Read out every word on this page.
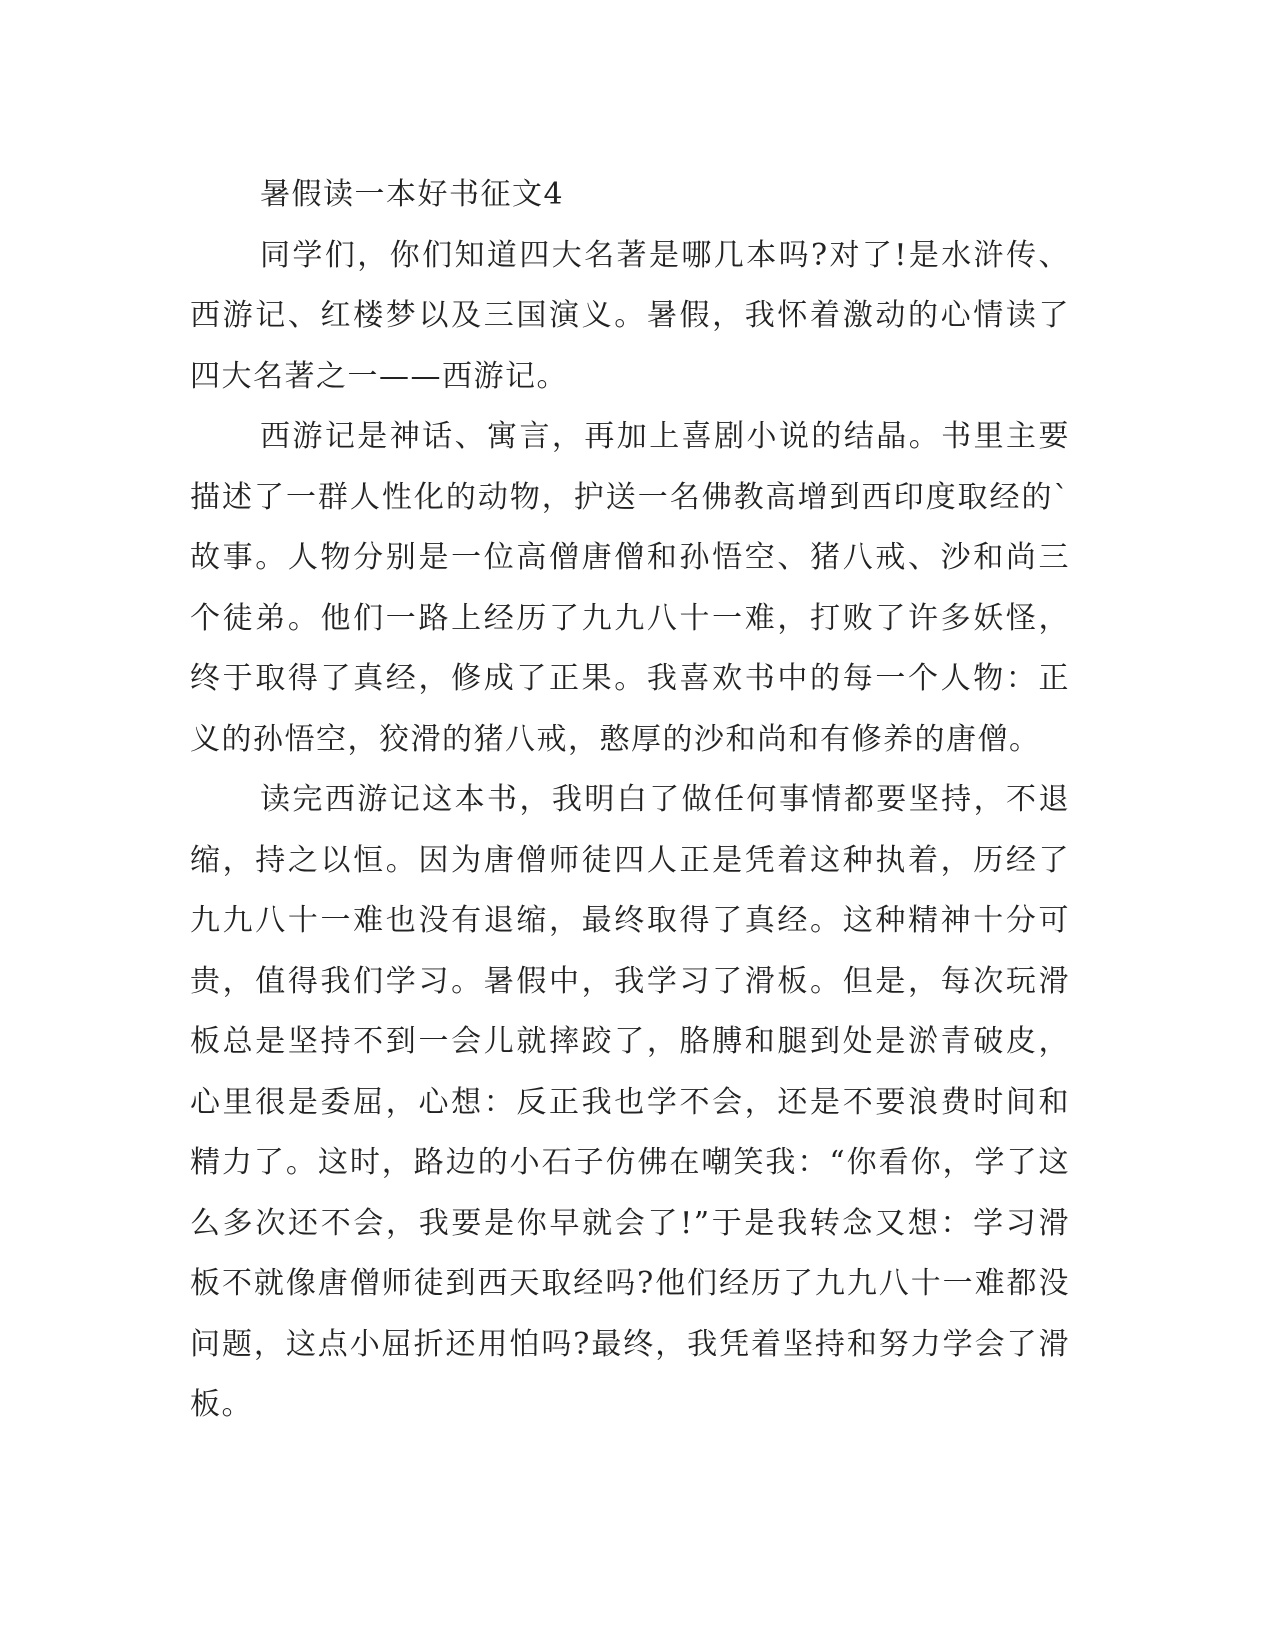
暑假读一本好书征文4

同学们，你们知道四大名著是哪几本吗?对了!是水浒传、西游记、红楼梦以及三国演义。暑假，我怀着激动的心情读了四大名著之一——西游记。

西游记是神话、寓言，再加上喜剧小说的结晶。书里主要描述了一群人性化的动物，护送一名佛教高增到西印度取经的`故事。人物分别是一位高僧唐僧和孙悟空、猪八戒、沙和尚三个徒弟。他们一路上经历了九九八十一难，打败了许多妖怪，终于取得了真经，修成了正果。我喜欢书中的每一个人物：正义的孙悟空，狡滑的猪八戒，憨厚的沙和尚和有修养的唐僧。

读完西游记这本书，我明白了做任何事情都要坚持，不退缩，持之以恒。因为唐僧师徒四人正是凭着这种执着，历经了九九八十一难也没有退缩，最终取得了真经。这种精神十分可贵，值得我们学习。暑假中，我学习了滑板。但是，每次玩滑板总是坚持不到一会儿就摔跤了，胳膊和腿到处是淤青破皮，心里很是委屈，心想：反正我也学不会，还是不要浪费时间和精力了。这时，路边的小石子仿佛在嘲笑我：“你看你，学了这么多次还不会，我要是你早就会了!”于是我转念又想：学习滑板不就像唐僧师徒到西天取经吗?他们经历了九九八十一难都没问题，这点小屈折还用怕吗?最终，我凭着坚持和努力学会了滑板。
